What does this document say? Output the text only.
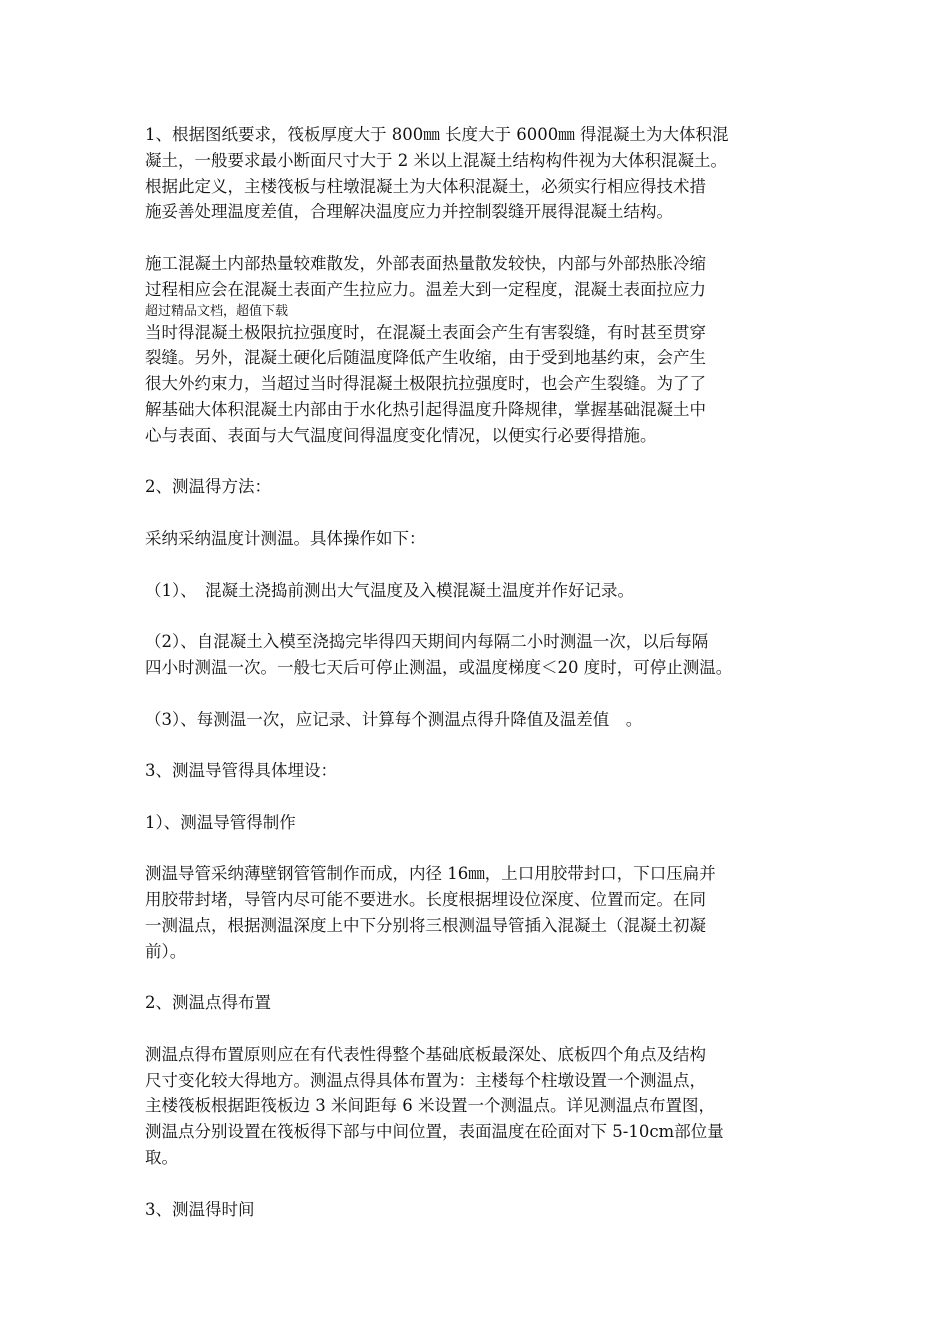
1、根据图纸要求，筏板厚度大于 800㎜ 长度大于 6000㎜ 得混凝土为大体积混
凝土，一般要求最小断面尺寸大于 2 米以上混凝土结构构件视为大体积混凝土。
根据此定义，主楼筏板与柱墩混凝土为大体积混凝土，必须实行相应得技术措
施妥善处理温度差值，合理解决温度应力并控制裂缝开展得混凝土结构。
施工混凝土内部热量较难散发，外部表面热量散发较快，内部与外部热胀冷缩
过程相应会在混凝土表面产生拉应力。温差大到一定程度，混凝土表面拉应力
超过精品文档，超值下载
当时得混凝土极限抗拉强度时，在混凝土表面会产生有害裂缝，有时甚至贯穿
裂缝。另外，混凝土硬化后随温度降低产生收缩，由于受到地基约束，会产生
很大外约束力，当超过当时得混凝土极限抗拉强度时，也会产生裂缝。为了了
解基础大体积混凝土内部由于水化热引起得温度升降规律，掌握基础混凝土中
心与表面、表面与大气温度间得温度变化情况，以便实行必要得措施。
2、测温得方法：
采纳采纳温度计测温。具体操作如下：
（1）、　混凝土浇捣前测出大气温度及入模混凝土温度并作好记录。
（2）、自混凝土入模至浇捣完毕得四天期间内每隔二小时测温一次，以后每隔
四小时测温一次。一般七天后可停止测温，或温度梯度＜20 度时，可停止测温。
（3）、每测温一次，应记录、计算每个测温点得升降值及温差值　。
3、测温导管得具体埋设：
1）、测温导管得制作
测温导管采纳薄壁钢管管制作而成，内径 16㎜，上口用胶带封口，下口压扁并
用胶带封堵，导管内尽可能不要进水。长度根据埋设位深度、位置而定。在同
一测温点，根据测温深度上中下分别将三根测温导管插入混凝土（混凝土初凝
前）。
2、测温点得布置
测温点得布置原则应在有代表性得整个基础底板最深处、底板四个角点及结构
尺寸变化较大得地方。测温点得具体布置为：主楼每个柱墩设置一个测温点，
主楼筏板根据距筏板边 3 米间距每 6 米设置一个测温点。详见测温点布置图，
测温点分别设置在筏板得下部与中间位置，表面温度在砼面对下 5-10cm部位量
取。
3、测温得时间
